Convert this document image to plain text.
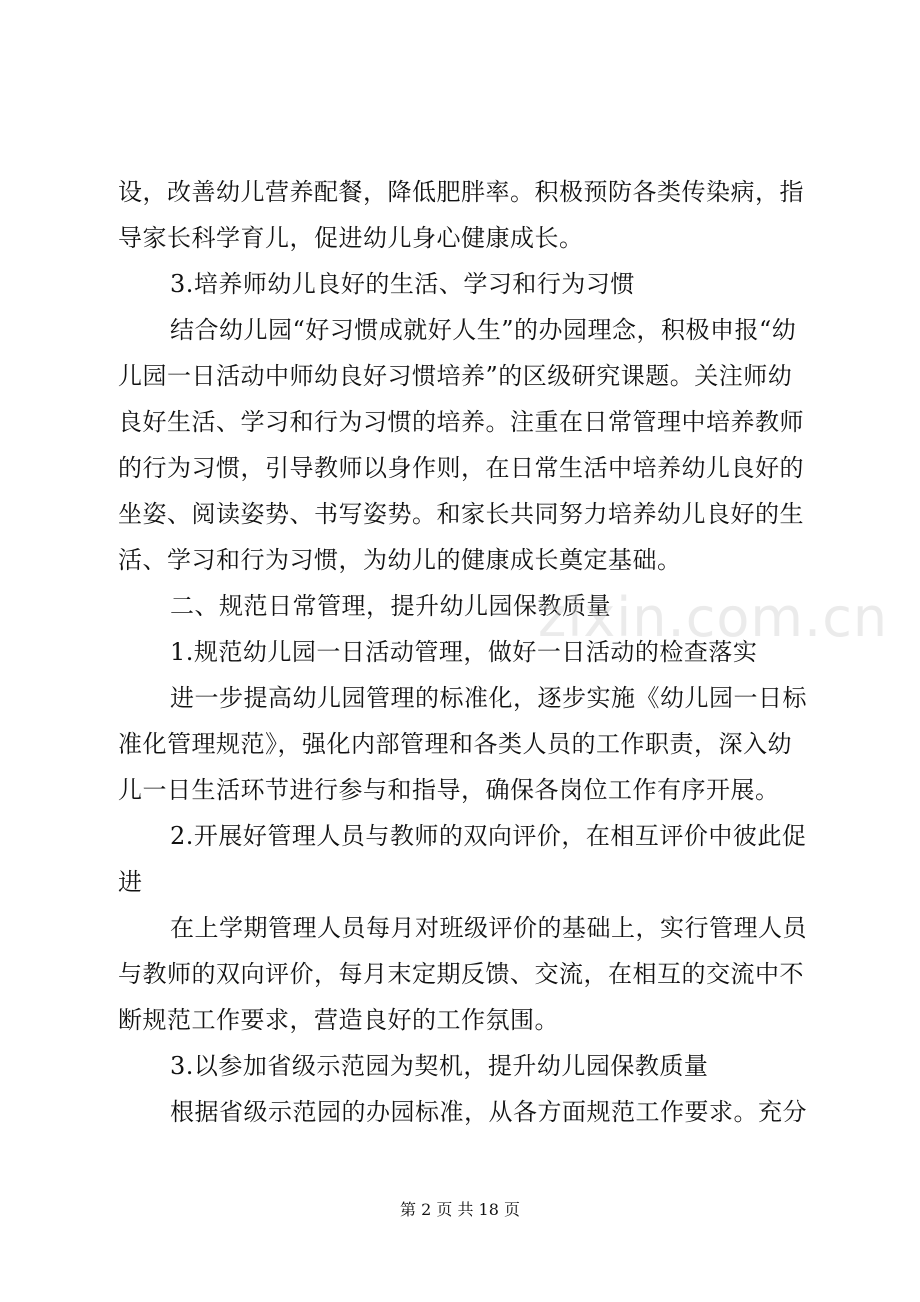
设，改善幼儿营养配餐，降低肥胖率。积极预防各类传染病，指
导家长科学育儿，促进幼儿身心健康成长。
3.培养师幼儿良好的生活、学习和行为习惯
结合幼儿园“好习惯成就好人生”的办园理念，积极申报“幼
儿园一日活动中师幼良好习惯培养”的区级研究课题。关注师幼
良好生活、学习和行为习惯的培养。注重在日常管理中培养教师
的行为习惯，引导教师以身作则，在日常生活中培养幼儿良好的
坐姿、阅读姿势、书写姿势。和家长共同努力培养幼儿良好的生
活、学习和行为习惯，为幼儿的健康成长奠定基础。
二、规范日常管理，提升幼儿园保教质量
1.规范幼儿园一日活动管理，做好一日活动的检查落实
进一步提高幼儿园管理的标准化，逐步实施《幼儿园一日标
准化管理规范》，强化内部管理和各类人员的工作职责，深入幼
儿一日生活环节进行参与和指导，确保各岗位工作有序开展。
2.开展好管理人员与教师的双向评价，在相互评价中彼此促
进
在上学期管理人员每月对班级评价的基础上，实行管理人员
与教师的双向评价，每月末定期反馈、交流，在相互的交流中不
断规范工作要求，营造良好的工作氛围。
3.以参加省级示范园为契机，提升幼儿园保教质量
根据省级示范园的办园标准，从各方面规范工作要求。充分
zixin.com.cn
第 2 页 共 18 页
